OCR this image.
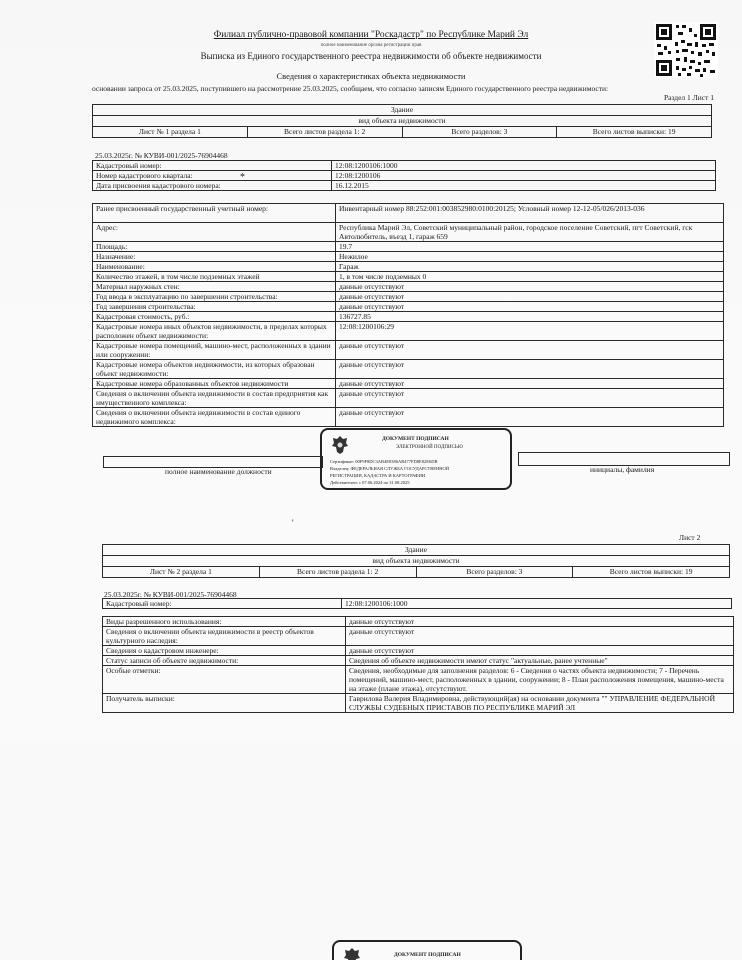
Филиал публично-правовой компании "Роскадастр" по Республике Марий Эл
полное наименование органа регистрации прав
Выписка из Единого государственного реестра недвижимости об объекте недвижимости
Сведения о характеристиках объекта недвижимости
основании запроса от 25.03.2025, поступившего на рассмотрение 25.03.2025, сообщаем, что согласно записям Единого государственного реестра недвижимости:
Раздел 1 Лист 1
Здание
вид объекта недвижимости
Лист № 1 раздела 1	Всего листов раздела 1: 2	Всего разделов: 3	Всего листов выписки: 19
25.03.2025г. № КУВИ-001/2025-76904468
Кадастровый номер:	12:08:1200106:1000
Номер кадастрового квартала:	12:08:1200106
Дата присвоения кадастрового номера:	16.12.2015
Ранее присвоенный государственный учетный номер:	Инвентарный номер 88:252:001:003852980:0100:20125; Условный номер 12-12-05/026/2013-036
Адрес:	Республика Марий Эл, Советский муниципальный район, городское поселение Советский, пгт Советский, гск Автолюбитель, въезд 1, гараж 659
Площадь:	19.7
Назначение:	Нежилое
Наименование:	Гараж
Количество этажей, в том числе подземных этажей	1, в том числе подземных 0
Материал наружных стен:	данные отсутствуют
Год ввода в эксплуатацию по завершении строительства:	данные отсутствуют
Год завершения строительства:	данные отсутствуют
Кадастровая стоимость, руб.:	136727.85
Кадастровые номера иных объектов недвижимости, в пределах которых расположен объект недвижимости:	12:08:1200106:29
Кадастровые номера помещений, машино-мест, расположенных в здании или сооружении:	данные отсутствуют
Кадастровые номера объектов недвижимости, из которых образован объект недвижимости:	данные отсутствуют
Кадастровые номера образованных объектов недвижимости	данные отсутствуют
Сведения о включении объекта недвижимости в состав предприятия как имущественного комплекса:	данные отсутствуют
Сведения о включении объекта недвижимости в состав единого недвижимого комплекса:	данные отсутствуют
ДОКУМЕНТ ПОДПИСАН
ЭЛЕКТРОННОЙ ПОДПИСЬЮ
Сертификат: 00F9F8DC3AB4E8386AB477FD8E82E6DB
Владелец: ФЕДЕРАЛЬНАЯ СЛУЖБА ГОСУДАРСТВЕННОЙ
РЕГИСТРАЦИИ, КАДАСТРА И КАРТОГРАФИИ
Действителен: с 07.06.2024 по 31.08.2025
полное наименование должности	инициалы, фамилия
Лист 2
Здание
вид объекта недвижимости
Лист № 2 раздела 1	Всего листов раздела 1: 2	Всего разделов: 3	Всего листов выписки: 19
25.03.2025г. № КУВИ-001/2025-76904468
Кадастровый номер:	12:08:1200106:1000
Виды разрешенного использования:	данные отсутствуют
Сведения о включении объекта недвижимости в реестр объектов культурного наследия:	данные отсутствуют
Сведения о кадастровом инженере:	данные отсутствуют
Статус записи об объекте недвижимости:	Сведения об объекте недвижимости имеют статус "актуальные, ранее учтенные"
Особые отметки:	Сведения, необходимые для заполнения разделов: 6 - Сведения о частях объекта недвижимости; 7 - Перечень помещений, машино-мест, расположенных в здании, сооружении; 8 - План расположения помещения, машино-места на этаже (плане этажа), отсутствуют.
Получатель выписки:	Гаврилова Валерия Владимировна, действующий(ая) на основании документа "" УПРАВЛЕНИЕ ФЕДЕРАЛЬНОЙ СЛУЖБЫ СУДЕБНЫХ ПРИСТАВОВ ПО РЕСПУБЛИКЕ МАРИЙ ЭЛ
ДОКУМЕНТ ПОДПИСАН
*
'
